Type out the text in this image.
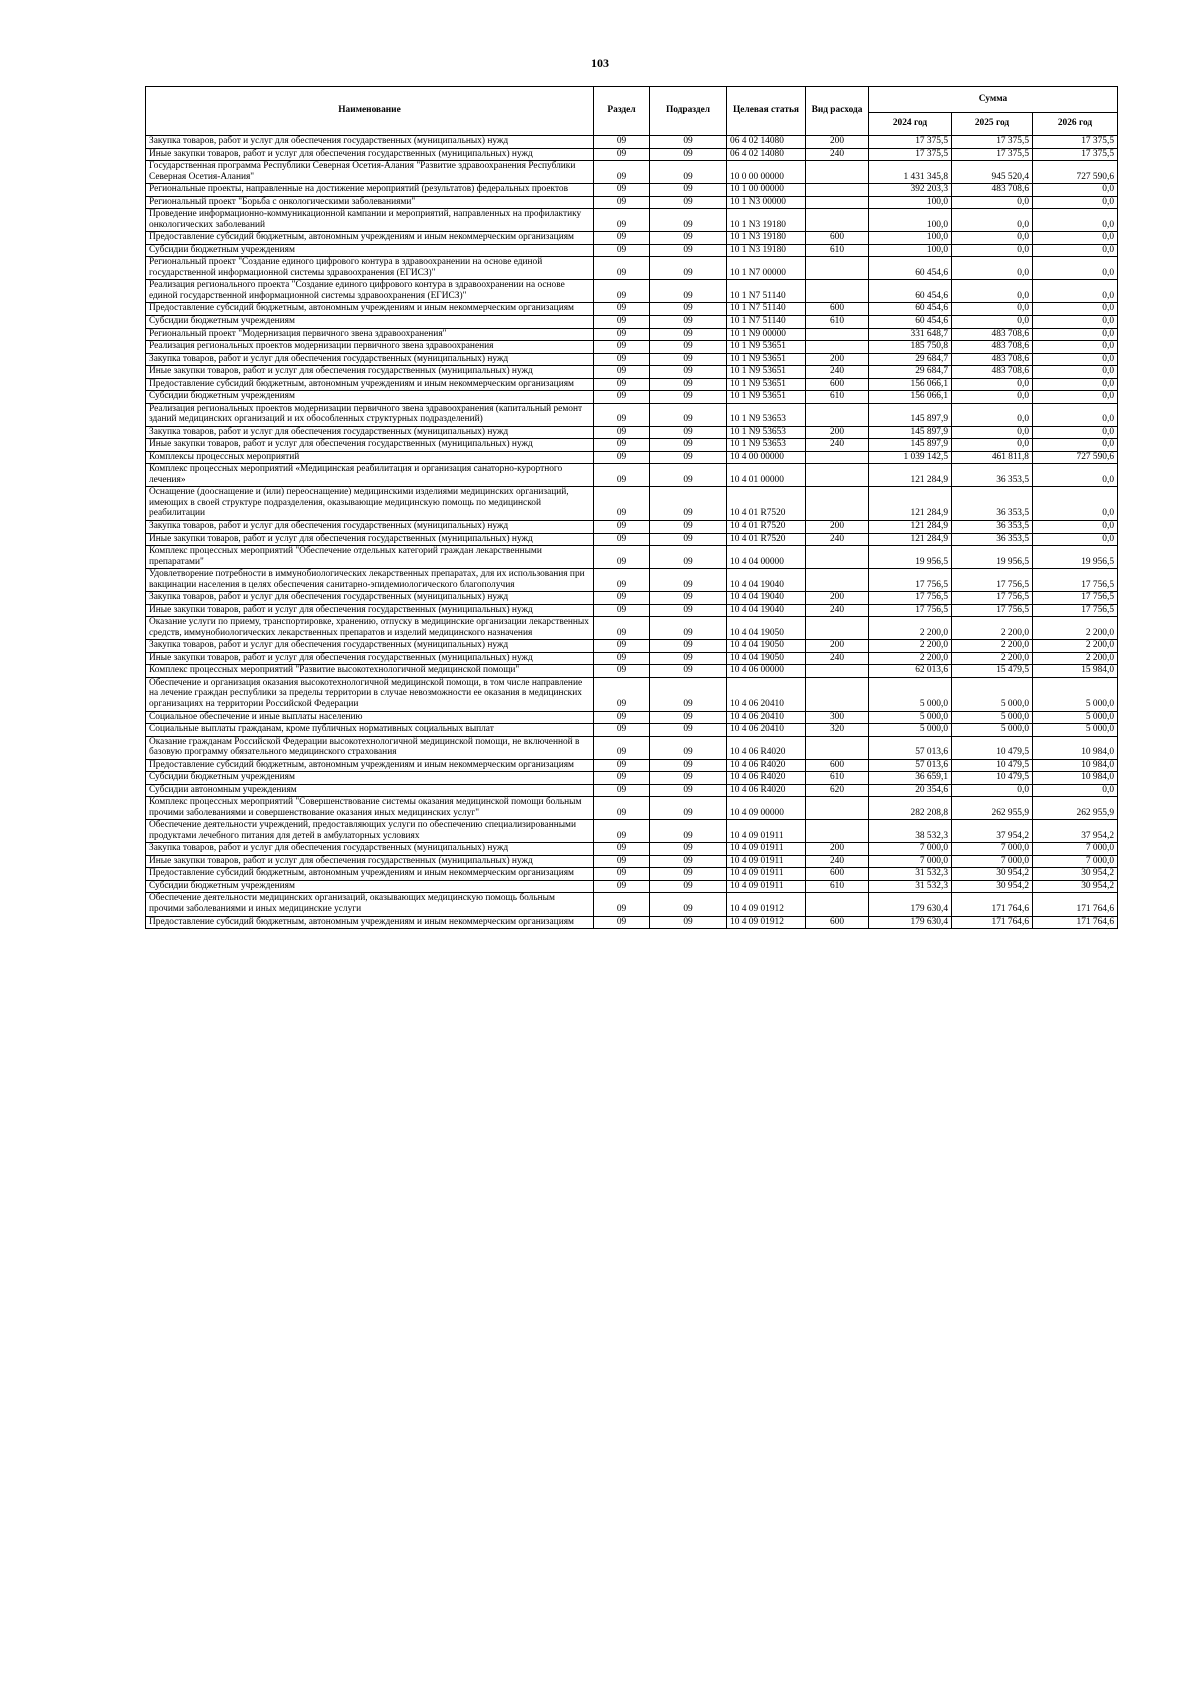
103
Наименование	Раздел	Подраздел	Целевая статья	Вид расхода	Сумма		
					2024 год	2025 год	2026 год
Закупка товаров, работ и услуг для обеспечения государственных (муниципальных) нужд	09	09	06 4 02 14080	200	17 375,5	17 375,5	17 375,5
Иные закупки товаров, работ и услуг для обеспечения государственных (муниципальных) нужд	09	09	06 4 02 14080	240	17 375,5	17 375,5	17 375,5
Государственная программа Республики Северная Осетия-Алания "Развитие здравоохранения Республики Северная Осетия-Алания"	09	09	10 0 00 00000		1 431 345,8	945 520,4	727 590,6
Региональные проекты, направленные на достижение мероприятий (результатов) федеральных проектов	09	09	10 1 00 00000		392 203,3	483 708,6	0,0
Региональный проект "Борьба с онкологическими заболеваниями"	09	09	10 1 N3 00000		100,0	0,0	0,0
Проведение информационно-коммуникационной кампании и мероприятий, направленных на профилактику онкологических заболеваний	09	09	10 1 N3 19180		100,0	0,0	0,0
Предоставление субсидий бюджетным, автономным учреждениям и иным некоммерческим организациям	09	09	10 1 N3 19180	600	100,0	0,0	0,0
Субсидии бюджетным учреждениям	09	09	10 1 N3 19180	610	100,0	0,0	0,0
Региональный проект "Создание единого цифрового контура в здравоохранении на основе единой государственной информационной системы здравоохранения (ЕГИСЗ)"	09	09	10 1 N7 00000		60 454,6	0,0	0,0
Реализация регионального проекта "Создание единого цифрового контура в здравоохранении на основе единой государственной информационной системы здравоохранения (ЕГИСЗ)"	09	09	10 1 N7 51140		60 454,6	0,0	0,0
Предоставление субсидий бюджетным, автономным учреждениям и иным некоммерческим организациям	09	09	10 1 N7 51140	600	60 454,6	0,0	0,0
Субсидии бюджетным учреждениям	09	09	10 1 N7 51140	610	60 454,6	0,0	0,0
Региональный проект "Модернизация первичного звена здравоохранения"	09	09	10 1 N9 00000		331 648,7	483 708,6	0,0
Реализация региональных проектов модернизации первичного звена здравоохранения	09	09	10 1 N9 53651		185 750,8	483 708,6	0,0
Закупка товаров, работ и услуг для обеспечения государственных (муниципальных) нужд	09	09	10 1 N9 53651	200	29 684,7	483 708,6	0,0
Иные закупки товаров, работ и услуг для обеспечения государственных (муниципальных) нужд	09	09	10 1 N9 53651	240	29 684,7	483 708,6	0,0
Предоставление субсидий бюджетным, автономным учреждениям и иным некоммерческим организациям	09	09	10 1 N9 53651	600	156 066,1	0,0	0,0
Субсидии бюджетным учреждениям	09	09	10 1 N9 53651	610	156 066,1	0,0	0,0
Реализация региональных проектов модернизации первичного звена здравоохранения (капитальный ремонт зданий медицинских организаций и их обособленных структурных подразделений)	09	09	10 1 N9 53653		145 897,9	0,0	0,0
Закупка товаров, работ и услуг для обеспечения государственных (муниципальных) нужд	09	09	10 1 N9 53653	200	145 897,9	0,0	0,0
Иные закупки товаров, работ и услуг для обеспечения государственных (муниципальных) нужд	09	09	10 1 N9 53653	240	145 897,9	0,0	0,0
Комплексы процессных мероприятий	09	09	10 4 00 00000		1 039 142,5	461 811,8	727 590,6
Комплекс процессных мероприятий «Медицинская реабилитация и организация санаторно-курортного лечения»	09	09	10 4 01 00000		121 284,9	36 353,5	0,0
Оснащение (дооснащение и (или) переоснащение) медицинскими изделиями медицинских организаций, имеющих в своей структуре подразделения, оказывающие медицинскую помощь по медицинской реабилитации	09	09	10 4 01 R7520		121 284,9	36 353,5	0,0
Закупка товаров, работ и услуг для обеспечения государственных (муниципальных) нужд	09	09	10 4 01 R7520	200	121 284,9	36 353,5	0,0
Иные закупки товаров, работ и услуг для обеспечения государственных (муниципальных) нужд	09	09	10 4 01 R7520	240	121 284,9	36 353,5	0,0
Комплекс процессных мероприятий "Обеспечение отдельных категорий граждан лекарственными препаратами"	09	09	10 4 04 00000		19 956,5	19 956,5	19 956,5
Удовлетворение потребности в иммунобиологических лекарственных препаратах, для их использования при вакцинации населения в целях обеспечения санитарно-эпидемиологического благополучия	09	09	10 4 04 19040		17 756,5	17 756,5	17 756,5
Закупка товаров, работ и услуг для обеспечения государственных (муниципальных) нужд	09	09	10 4 04 19040	200	17 756,5	17 756,5	17 756,5
Иные закупки товаров, работ и услуг для обеспечения государственных (муниципальных) нужд	09	09	10 4 04 19040	240	17 756,5	17 756,5	17 756,5
Оказание услуги по приему, транспортировке, хранению, отпуску в медицинские организации лекарственных средств, иммунобиологических лекарственных препаратов и изделий медицинского назначения	09	09	10 4 04 19050		2 200,0	2 200,0	2 200,0
Закупка товаров, работ и услуг для обеспечения государственных (муниципальных) нужд	09	09	10 4 04 19050	200	2 200,0	2 200,0	2 200,0
Иные закупки товаров, работ и услуг для обеспечения государственных (муниципальных) нужд	09	09	10 4 04 19050	240	2 200,0	2 200,0	2 200,0
Комплекс процессных мероприятий "Развитие высокотехнологичной медицинской помощи"	09	09	10 4 06 00000		62 013,6	15 479,5	15 984,0
Обеспечение и организация оказания высокотехнологичной медицинской помощи, в том числе направление на лечение граждан республики за пределы территории в случае невозможности ее оказания в медицинских организациях на территории Российской Федерации	09	09	10 4 06 20410		5 000,0	5 000,0	5 000,0
Социальное обеспечение и иные выплаты населению	09	09	10 4 06 20410	300	5 000,0	5 000,0	5 000,0
Социальные выплаты гражданам, кроме публичных нормативных социальных выплат	09	09	10 4 06 20410	320	5 000,0	5 000,0	5 000,0
Оказание гражданам Российской Федерации высокотехнологичной медицинской помощи, не включенной в базовую программу обязательного медицинского страхования	09	09	10 4 06 R4020		57 013,6	10 479,5	10 984,0
Предоставление субсидий бюджетным, автономным учреждениям и иным некоммерческим организациям	09	09	10 4 06 R4020	600	57 013,6	10 479,5	10 984,0
Субсидии бюджетным учреждениям	09	09	10 4 06 R4020	610	36 659,1	10 479,5	10 984,0
Субсидии автономным учреждениям	09	09	10 4 06 R4020	620	20 354,6	0,0	0,0
Комплекс процессных мероприятий "Совершенствование системы оказания медицинской помощи больным прочими заболеваниями и совершенствование оказания иных медицинских услуг"	09	09	10 4 09 00000		282 208,8	262 955,9	262 955,9
Обеспечение деятельности учреждений, предоставляющих услуги по обеспечению специализированными продуктами лечебного питания для детей в амбулаторных условиях	09	09	10 4 09 01911		38 532,3	37 954,2	37 954,2
Закупка товаров, работ и услуг для обеспечения государственных (муниципальных) нужд	09	09	10 4 09 01911	200	7 000,0	7 000,0	7 000,0
Иные закупки товаров, работ и услуг для обеспечения государственных (муниципальных) нужд	09	09	10 4 09 01911	240	7 000,0	7 000,0	7 000,0
Предоставление субсидий бюджетным, автономным учреждениям и иным некоммерческим организациям	09	09	10 4 09 01911	600	31 532,3	30 954,2	30 954,2
Субсидии бюджетным учреждениям	09	09	10 4 09 01911	610	31 532,3	30 954,2	30 954,2
Обеспечение деятельности медицинских организаций, оказывающих медицинскую помощь больным прочими заболеваниями и иных медицинские услуги	09	09	10 4 09 01912		179 630,4	171 764,6	171 764,6
Предоставление субсидий бюджетным, автономным учреждениям и иным некоммерческим организациям	09	09	10 4 09 01912	600	179 630,4	171 764,6	171 764,6
